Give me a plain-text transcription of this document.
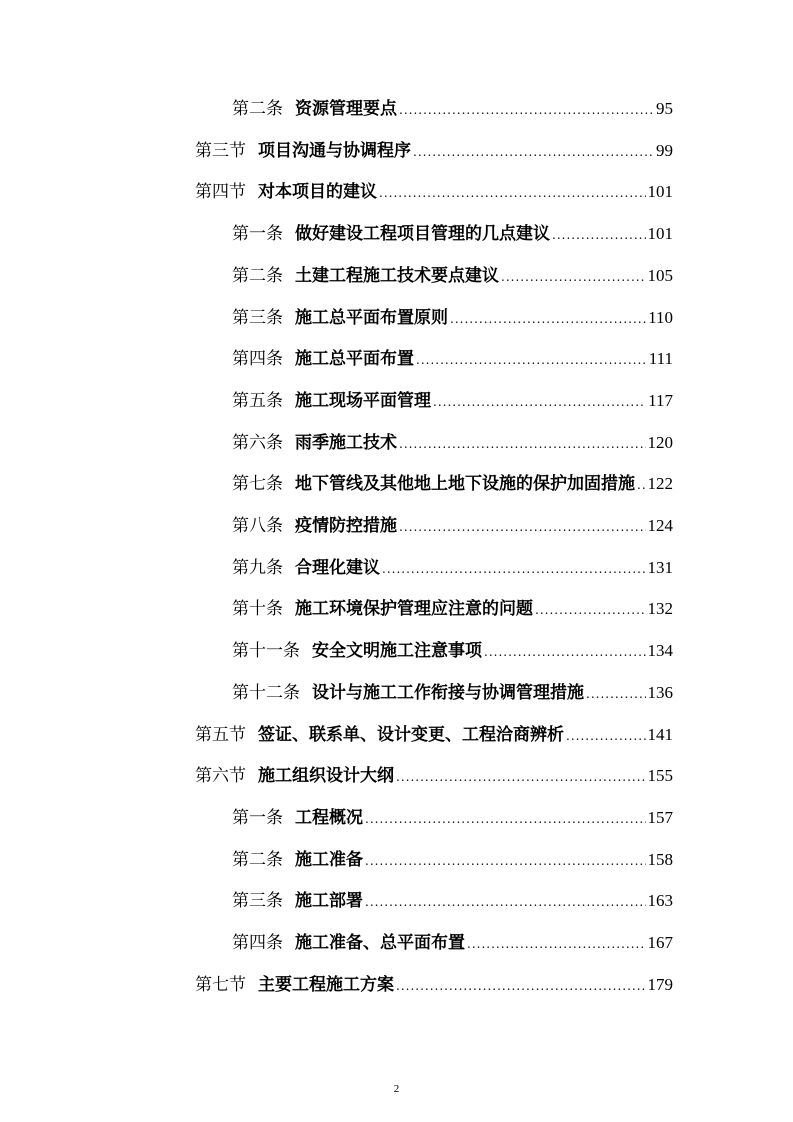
第二条 资源管理要点 .....	95
第三节 项目沟通与协调程序 .....	99
第四节 对本项目的建议 .....	101
第一条 做好建设工程项目管理的几点建议 .....	101
第二条 土建工程施工技术要点建议 .....	105
第三条 施工总平面布置原则 .....	110
第四条 施工总平面布置 .....	111
第五条 施工现场平面管理 .....	117
第六条 雨季施工技术 .....	120
第七条 地下管线及其他地上地下设施的保护加固措施 ..... 122
第八条 疫情防控措施 .....	124
第九条 合理化建议 .....	131
第十条 施工环境保护管理应注意的问题 .....	132
第十一条 安全文明施工注意事项 .....	134
第十二条 设计与施工工作衔接与协调管理措施 .....	136
第五节 签证、联系单、设计变更、工程洽商辨析 .....	141
第六节 施工组织设计大纲 .....	155
第一条 工程概况 .....	157
第二条 施工准备 .....	158
第三条 施工部署 .....	163
第四条 施工准备、总平面布置 .....	167
第七节 主要工程施工方案 .....	179
2
